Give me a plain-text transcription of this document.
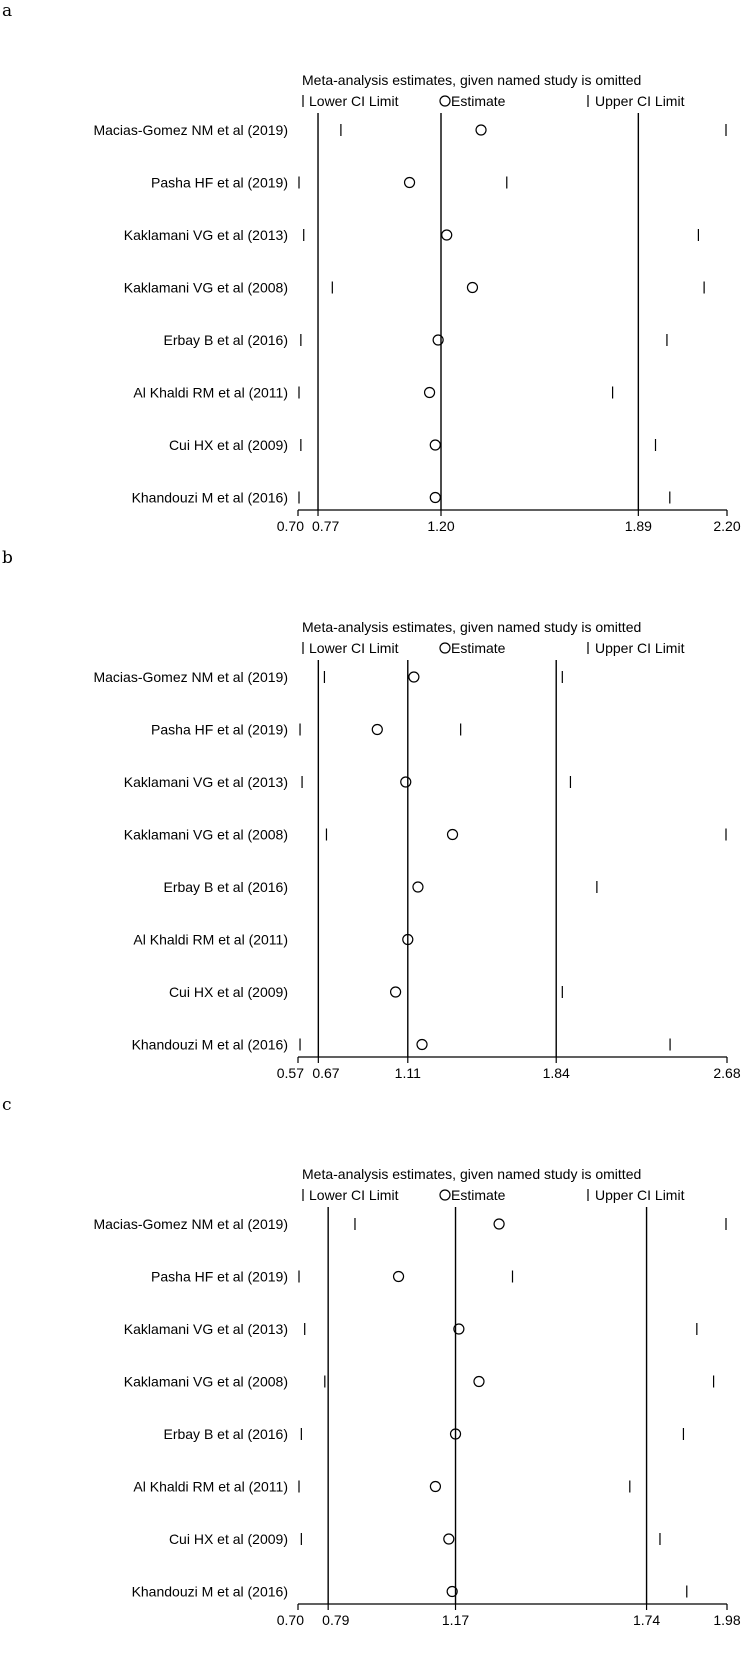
a
Meta-analysis estimates, given named study is omitted
Lower CI Limit	Estimate	Upper CI Limit
0.70 0.77	1.20	1.89	2.20
Macias-Gomez NM et al (2019)
Pasha HF et al (2019)
Kaklamani VG et al (2013)
Kaklamani VG et al (2008)
Erbay B et al (2016)
Al Khaldi RM et al (2011)
Cui HX et al (2009)
Khandouzi M et al (2016)
b
Meta-analysis estimates, given named study is omitted
Lower CI Limit	Estimate	Upper CI Limit
0.57 0.67	1.11	1.84	2.68
Macias-Gomez NM et al (2019)
Pasha HF et al (2019)
Kaklamani VG et al (2013)
Kaklamani VG et al (2008)
Erbay B et al (2016)
Al Khaldi RM et al (2011)
Cui HX et al (2009)
Khandouzi M et al (2016)
c
Meta-analysis estimates, given named study is omitted
Lower CI Limit	Estimate	Upper CI Limit
0.70 0.79	1.17	1.74	1.98
Macias-Gomez NM et al (2019)
Pasha HF et al (2019)
Kaklamani VG et al (2013)
Kaklamani VG et al (2008)
Erbay B et al (2016)
Al Khaldi RM et al (2011)
Cui HX et al (2009)
Khandouzi M et al (2016)
